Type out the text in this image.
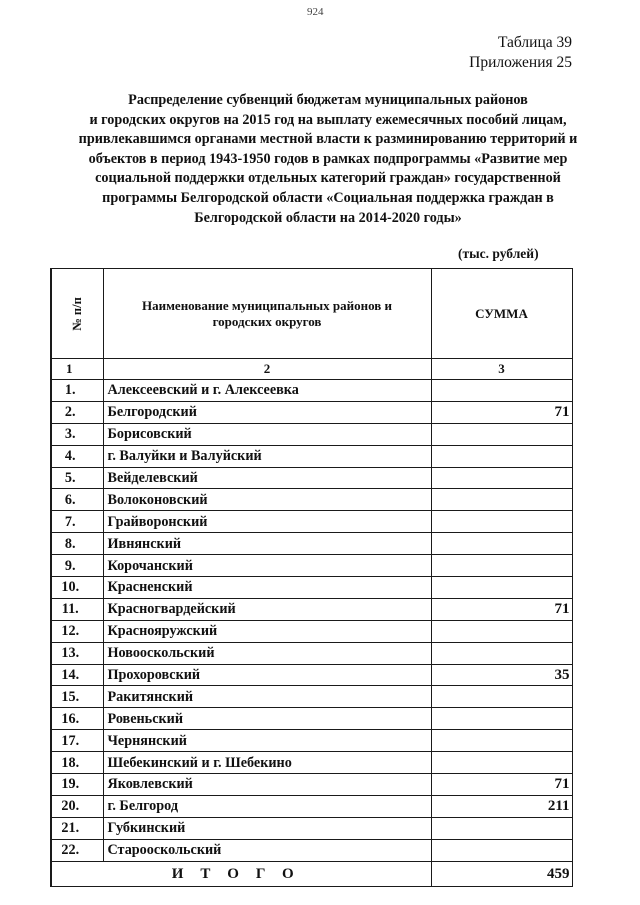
924
Таблица 39
Приложения 25
Распределение субвенций бюджетам муниципальных районов
и городских округов на 2015 год на выплату ежемесячных пособий лицам,
привлекавшимся органами местной власти к разминированию территорий и
объектов в период 1943-1950 годов в рамках подпрограммы «Развитие мер
социальной поддержки отдельных категорий граждан» государственной
программы Белгородской области «Социальная поддержка граждан в
Белгородской области на 2014-2020 годы»
(тыс. рублей)
№ п/п	Наименование муниципальных районов и городских округов	СУММА
1	2	3
1.	Алексеевский и г. Алексеевка	
2.	Белгородский	71
3.	Борисовский	
4.	г. Валуйки и Валуйский	
5.	Вейделевский	
6.	Волоконовский	
7.	Грайворонский	
8.	Ивнянский	
9.	Корочанский	
10.	Красненский	
11.	Красногвардейский	71
12.	Краснояружский	
13.	Новооскольский	
14.	Прохоровский	35
15.	Ракитянский	
16.	Ровеньский	
17.	Чернянский	
18.	Шебекинский и г. Шебекино	
19.	Яковлевский	71
20.	г. Белгород	211
21.	Губкинский	
22.	Старооскольский	
ИТОГО		459
